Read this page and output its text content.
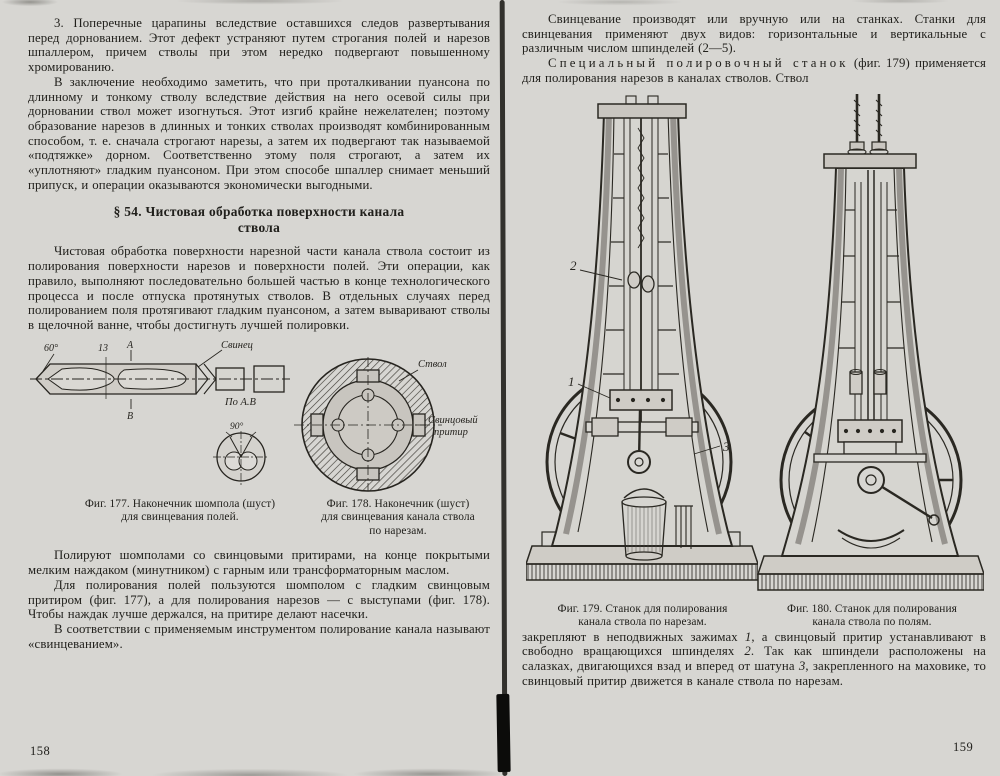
3. Поперечные царапины вследствие оставшихся следов развертывания перед дорнованием. Этот дефект устраняют путем строгания полей и нарезов шпаллером, причем стволы при этом нередко подвергают повышенному хромированию.

В заключение необходимо заметить, что при проталкивании пуансона по длинному и тонкому стволу вследствие действия на него осевой силы при дорновании ствол может изогнуться. Этот изгиб крайне нежелателен; поэтому образование нарезов в длинных и тонких стволах производят комбинированным способом, т. е. сначала строгают нарезы, а затем их подвергают так называемой «подтяжке» дорном. Соответственно этому поля строгают, а затем их «уплотняют» гладким пуансоном. При этом способе шпаллер снимает меньший припуск, и операции оказываются экономически выгодными.

§ 54. Чистовая обработка поверхности канала
ствола

Чистовая обработка поверхности нарезной части канала ствола состоит из полирования поверхности нарезов и поверхности полей. Эти операции, как правило, выполняют последовательно большей частью в конце технологического процесса и после отпуска протянутых стволов. В отдельных случаях перед полированием поля протягивают гладким пуансоном, а затем вываривают стволы в щелочной ванне, чтобы достигнуть лучшей полировки.

60°	13 А
В
Свинец
По А.В
90°
Ствол
Свинцовый
притир
Фиг. 177. Наконечник шомпола (шуст)
для свинцевания полей.
Фиг. 178. Наконечник (шуст)
для свинцевания канала ствола
по нарезам.

Полируют шомполами со свинцовыми притирами, на конце покрытыми мелким наждаком (минутником) с гарным или трансформаторным маслом.

Для полирования полей пользуются шомполом с гладким свинцовым притиром (фиг. 177), а для полирования нарезов — с выступами (фиг. 178). Чтобы наждак лучше держался, на притире делают насечки.

В соответствии с применяемым инструментом полирование канала называют «свинцеванием».

Свинцевание производят или вручную или на станках. Станки для свинцевания применяют двух видов: горизонтальные и вертикальные с различным числом шпинделей (2—5).

Специальный полировочный станок (фиг. 179) применяется для полирования нарезов в каналах стволов. Ствол

2
1
3
Фиг. 179. Станок для полирования
канала ствола по нарезам.
Фиг. 180. Станок для полирования
канала ствола по полям.

закрепляют в неподвижных зажимах 1, а свинцовый притир устанавливают в свободно вращающихся шпинделях 2. Так как шпиндели расположены на салазках, двигающихся взад и вперед от шатуна 3, закрепленного на маховике, то свинцовый притир движется в канале ствола по нарезам.

158	159
